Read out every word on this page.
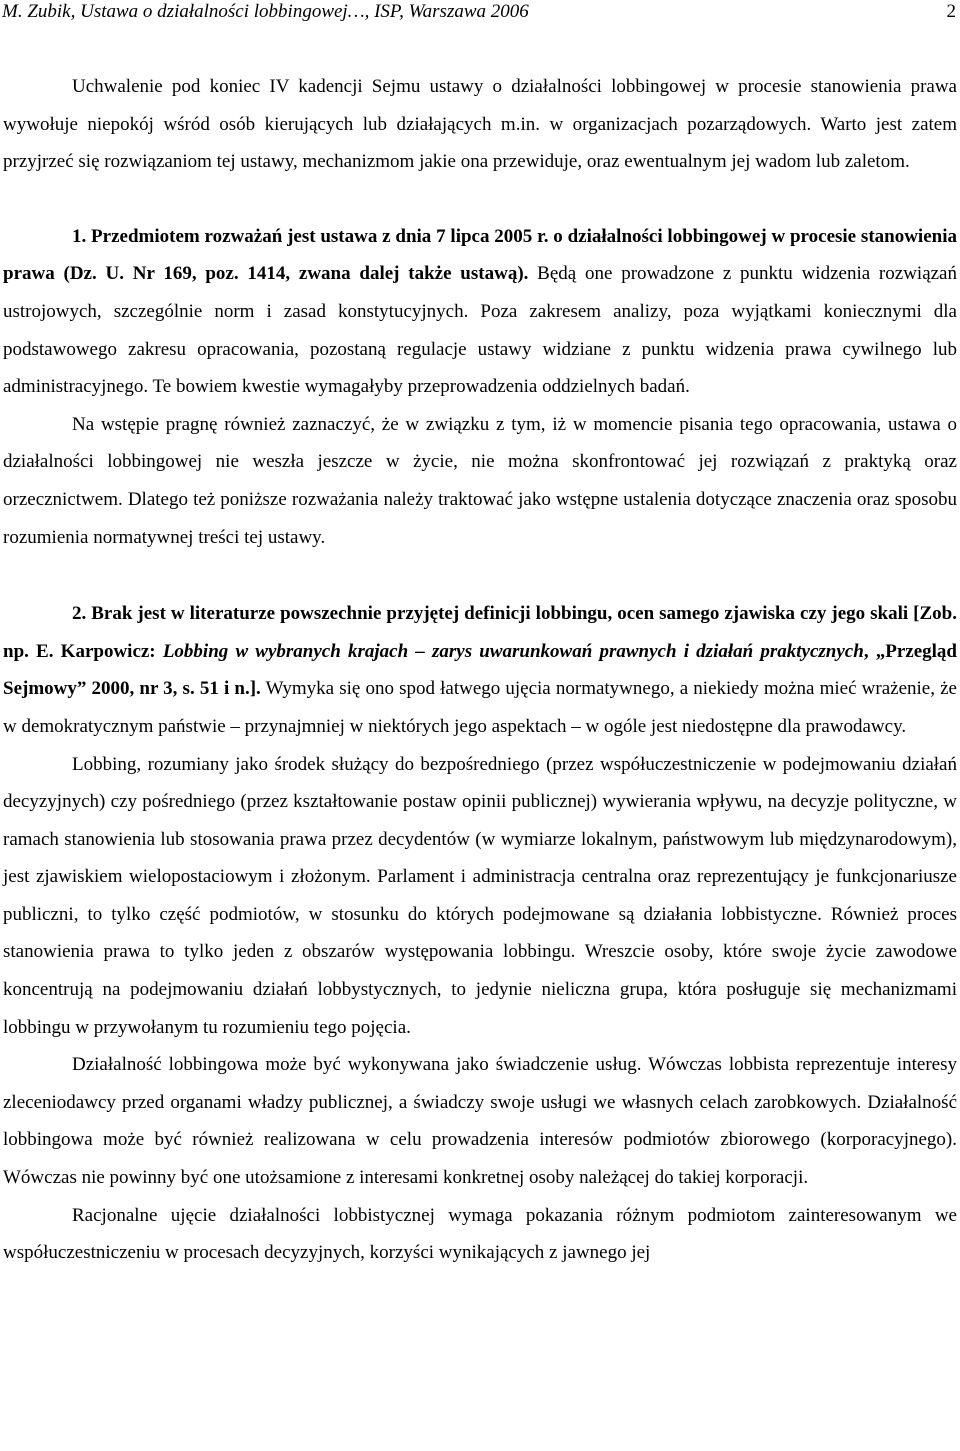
M. Zubik, Ustawa o działalności lobbingowej…, ISP, Warszawa 2006	2

Uchwalenie pod koniec IV kadencji Sejmu ustawy o działalności lobbingowej w procesie stanowienia prawa wywołuje niepokój wśród osób kierujących lub działających m.in. w organizacjach pozarządowych. Warto jest zatem przyjrzeć się rozwiązaniom tej ustawy, mechanizmom jakie ona przewiduje, oraz ewentualnym jej wadom lub zaletom.

1. Przedmiotem rozważań jest ustawa z dnia 7 lipca 2005 r. o działalności lobbingowej w procesie stanowienia prawa (Dz. U. Nr 169, poz. 1414, zwana dalej także ustawą). Będą one prowadzone z punktu widzenia rozwiązań ustrojowych, szczególnie norm i zasad konstytucyjnych. Poza zakresem analizy, poza wyjątkami koniecznymi dla podstawowego zakresu opracowania, pozostaną regulacje ustawy widziane z punktu widzenia prawa cywilnego lub administracyjnego. Te bowiem kwestie wymagałyby przeprowadzenia oddzielnych badań.

Na wstępie pragnę również zaznaczyć, że w związku z tym, iż w momencie pisania tego opracowania, ustawa o działalności lobbingowej nie weszła jeszcze w życie, nie można skonfrontować jej rozwiązań z praktyką oraz orzecznictwem. Dlatego też poniższe rozważania należy traktować jako wstępne ustalenia dotyczące znaczenia oraz sposobu rozumienia normatywnej treści tej ustawy.

2. Brak jest w literaturze powszechnie przyjętej definicji lobbingu, ocen samego zjawiska czy jego skali [Zob. np. E. Karpowicz: Lobbing w wybranych krajach – zarys uwarunkowań prawnych i działań praktycznych, „Przegląd Sejmowy” 2000, nr 3, s. 51 i n.]. Wymyka się ono spod łatwego ujęcia normatywnego, a niekiedy można mieć wrażenie, że w demokratycznym państwie – przynajmniej w niektórych jego aspektach – w ogóle jest niedostępne dla prawodawcy.

Lobbing, rozumiany jako środek służący do bezpośredniego (przez współuczestniczenie w podejmowaniu działań decyzyjnych) czy pośredniego (przez kształtowanie postaw opinii publicznej) wywierania wpływu, na decyzje polityczne, w ramach stanowienia lub stosowania prawa przez decydentów (w wymiarze lokalnym, państwowym lub międzynarodowym), jest zjawiskiem wielopostaciowym i złożonym. Parlament i administracja centralna oraz reprezentujący je funkcjonariusze publiczni, to tylko część podmiotów, w stosunku do których podejmowane są działania lobbistyczne. Również proces stanowienia prawa to tylko jeden z obszarów występowania lobbingu. Wreszcie osoby, które swoje życie zawodowe koncentrują na podejmowaniu działań lobbystycznych, to jedynie nieliczna grupa, która posługuje się mechanizmami lobbingu w przywołanym tu rozumieniu tego pojęcia.

Działalność lobbingowa może być wykonywana jako świadczenie usług. Wówczas lobbista reprezentuje interesy zleceniodawcy przed organami władzy publicznej, a świadczy swoje usługi we własnych celach zarobkowych. Działalność lobbingowa może być również realizowana w celu prowadzenia interesów podmiotów zbiorowego (korporacyjnego). Wówczas nie powinny być one utożsamione z interesami konkretnej osoby należącej do takiej korporacji.

Racjonalne ujęcie działalności lobbistycznej wymaga pokazania różnym podmiotom zainteresowanym we współuczestniczeniu w procesach decyzyjnych, korzyści wynikających z jawnego jej
